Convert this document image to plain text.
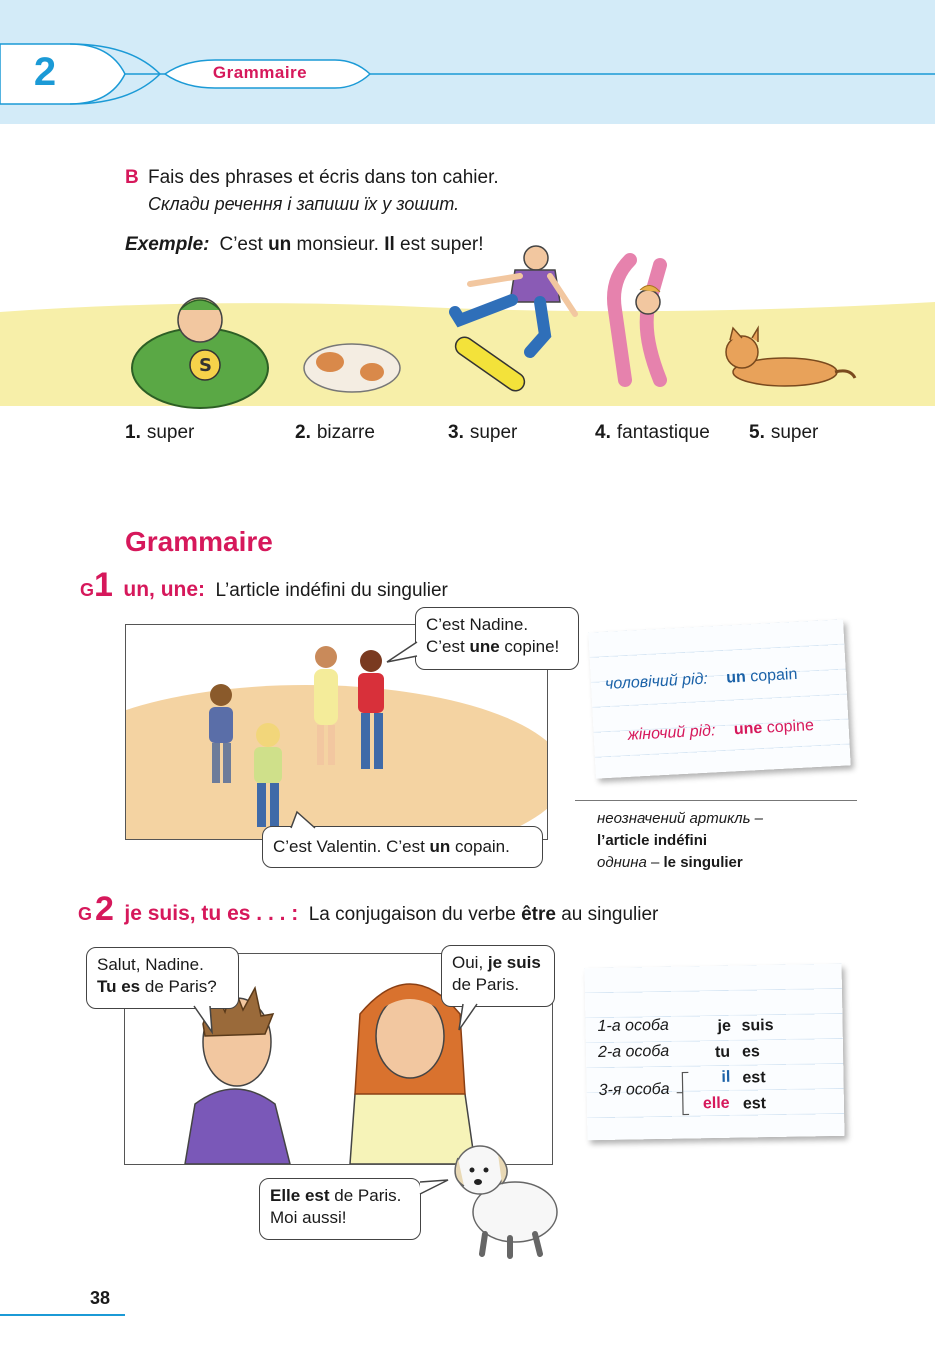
2	Grammaire
B Fais des phrases et écris dans ton cahier.
Склади речення і запиши їх у зошит.
Exemple: C’est un monsieur. Il est super!
S
1. super	2. bizarre	3. super	4. fantastique 5. super
Grammaire
G1 un, une: L’article indéfini du singulier
C’est Nadine.
C’est une copine!
C’est Valentin. C’est un copain.
чоловічий рід: un copain
жіночий рід: une copine
неозначений артикль –
l’article indéfini
однина – le singulier
G2 je suis, tu es . . . : La conjugaison du verbe être au singulier
Salut, Nadine.
Tu es de Paris?
Oui, je suis
de Paris.
Elle est de Paris.
Moi aussi!
1-а особа	je suis
2-а особа	tu es
3-я особа
il est
elle est
38
